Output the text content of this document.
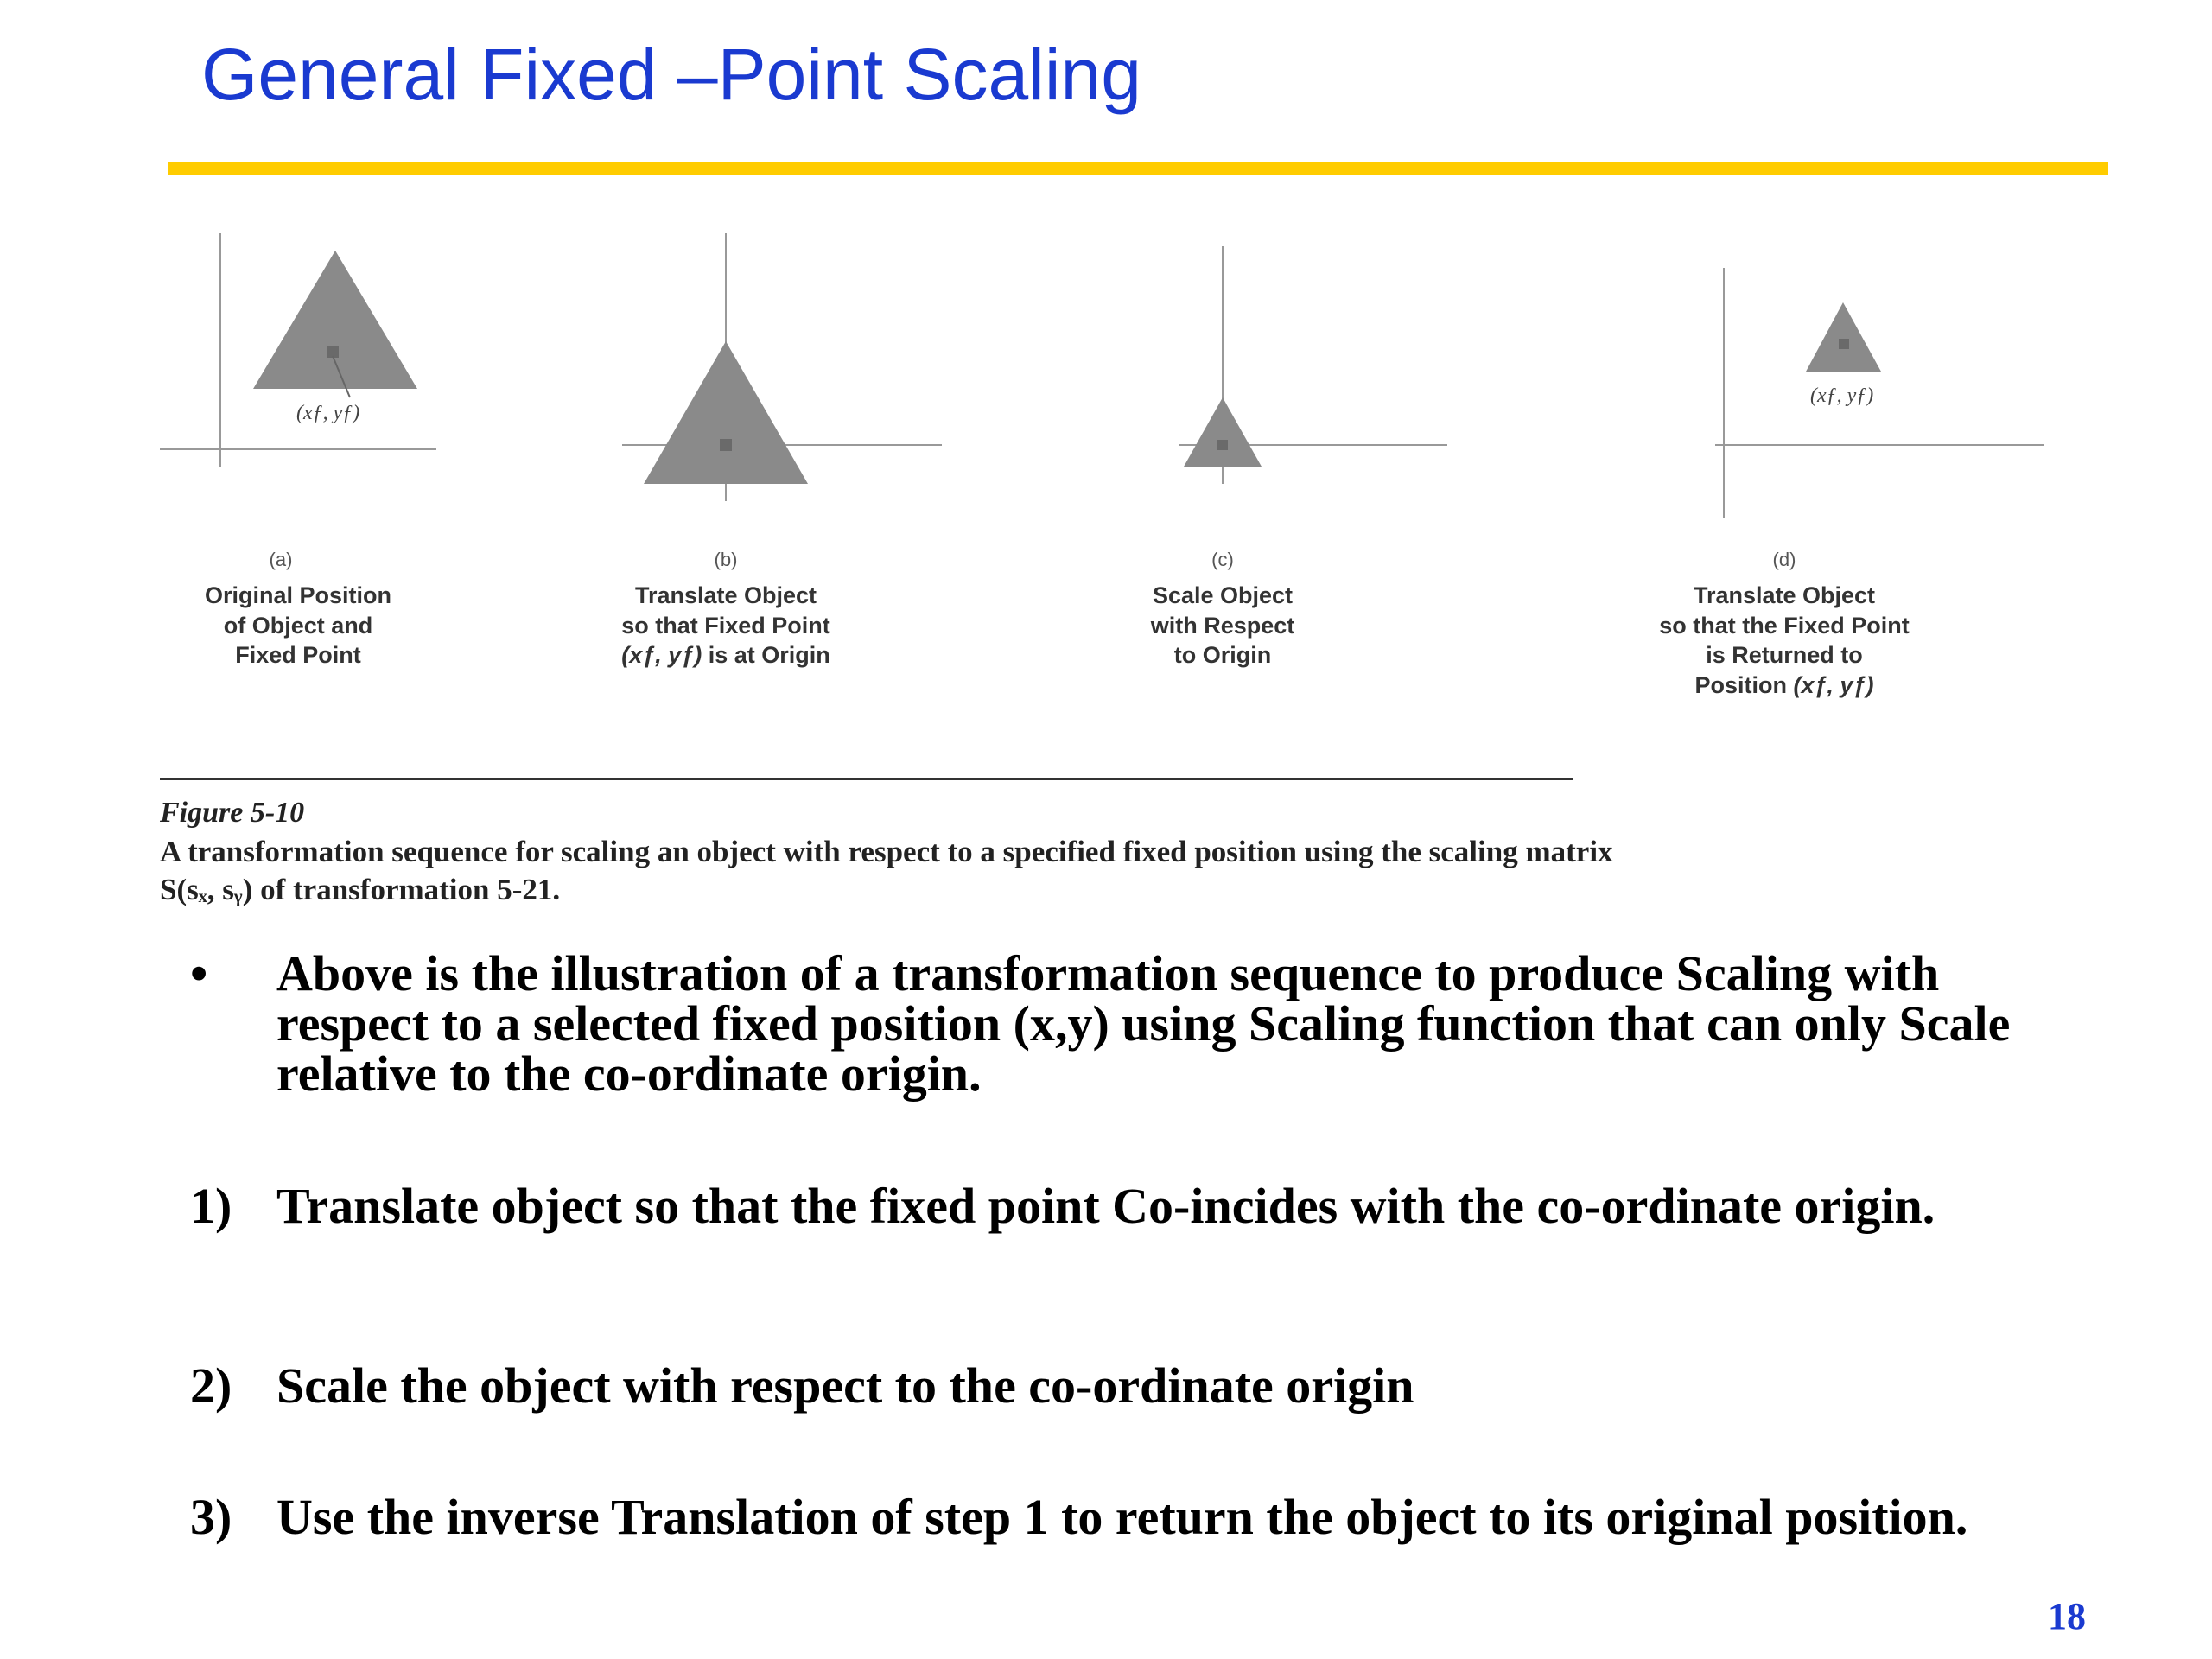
General Fixed –Point Scaling
(xƒ, yƒ)
(a)
Original Position
of Object and
Fixed Point
(b)
Translate Object
so that Fixed Point
(xƒ, yƒ) is at Origin
(c)
Scale Object
with Respect
to Origin
(xƒ, yƒ)
(d)
Translate Object
so that the Fixed Point
is Returned to
Position (xƒ, yƒ)
Figure 5-10
A transformation sequence for scaling an object with respect to a specified fixed position using the scaling matrix S(sₓ, sᵧ) of transformation 5-21.
• Above is the illustration of a transformation sequence to produce Scaling with respect to a selected fixed position (x,y) using Scaling function that can only Scale relative to the co-ordinate origin.
1) Translate object so that the fixed point Co-incides with the co-ordinate origin.
2) Scale the object with respect to the co-ordinate origin
3) Use the inverse Translation of step 1 to return the object to its original position.
18
